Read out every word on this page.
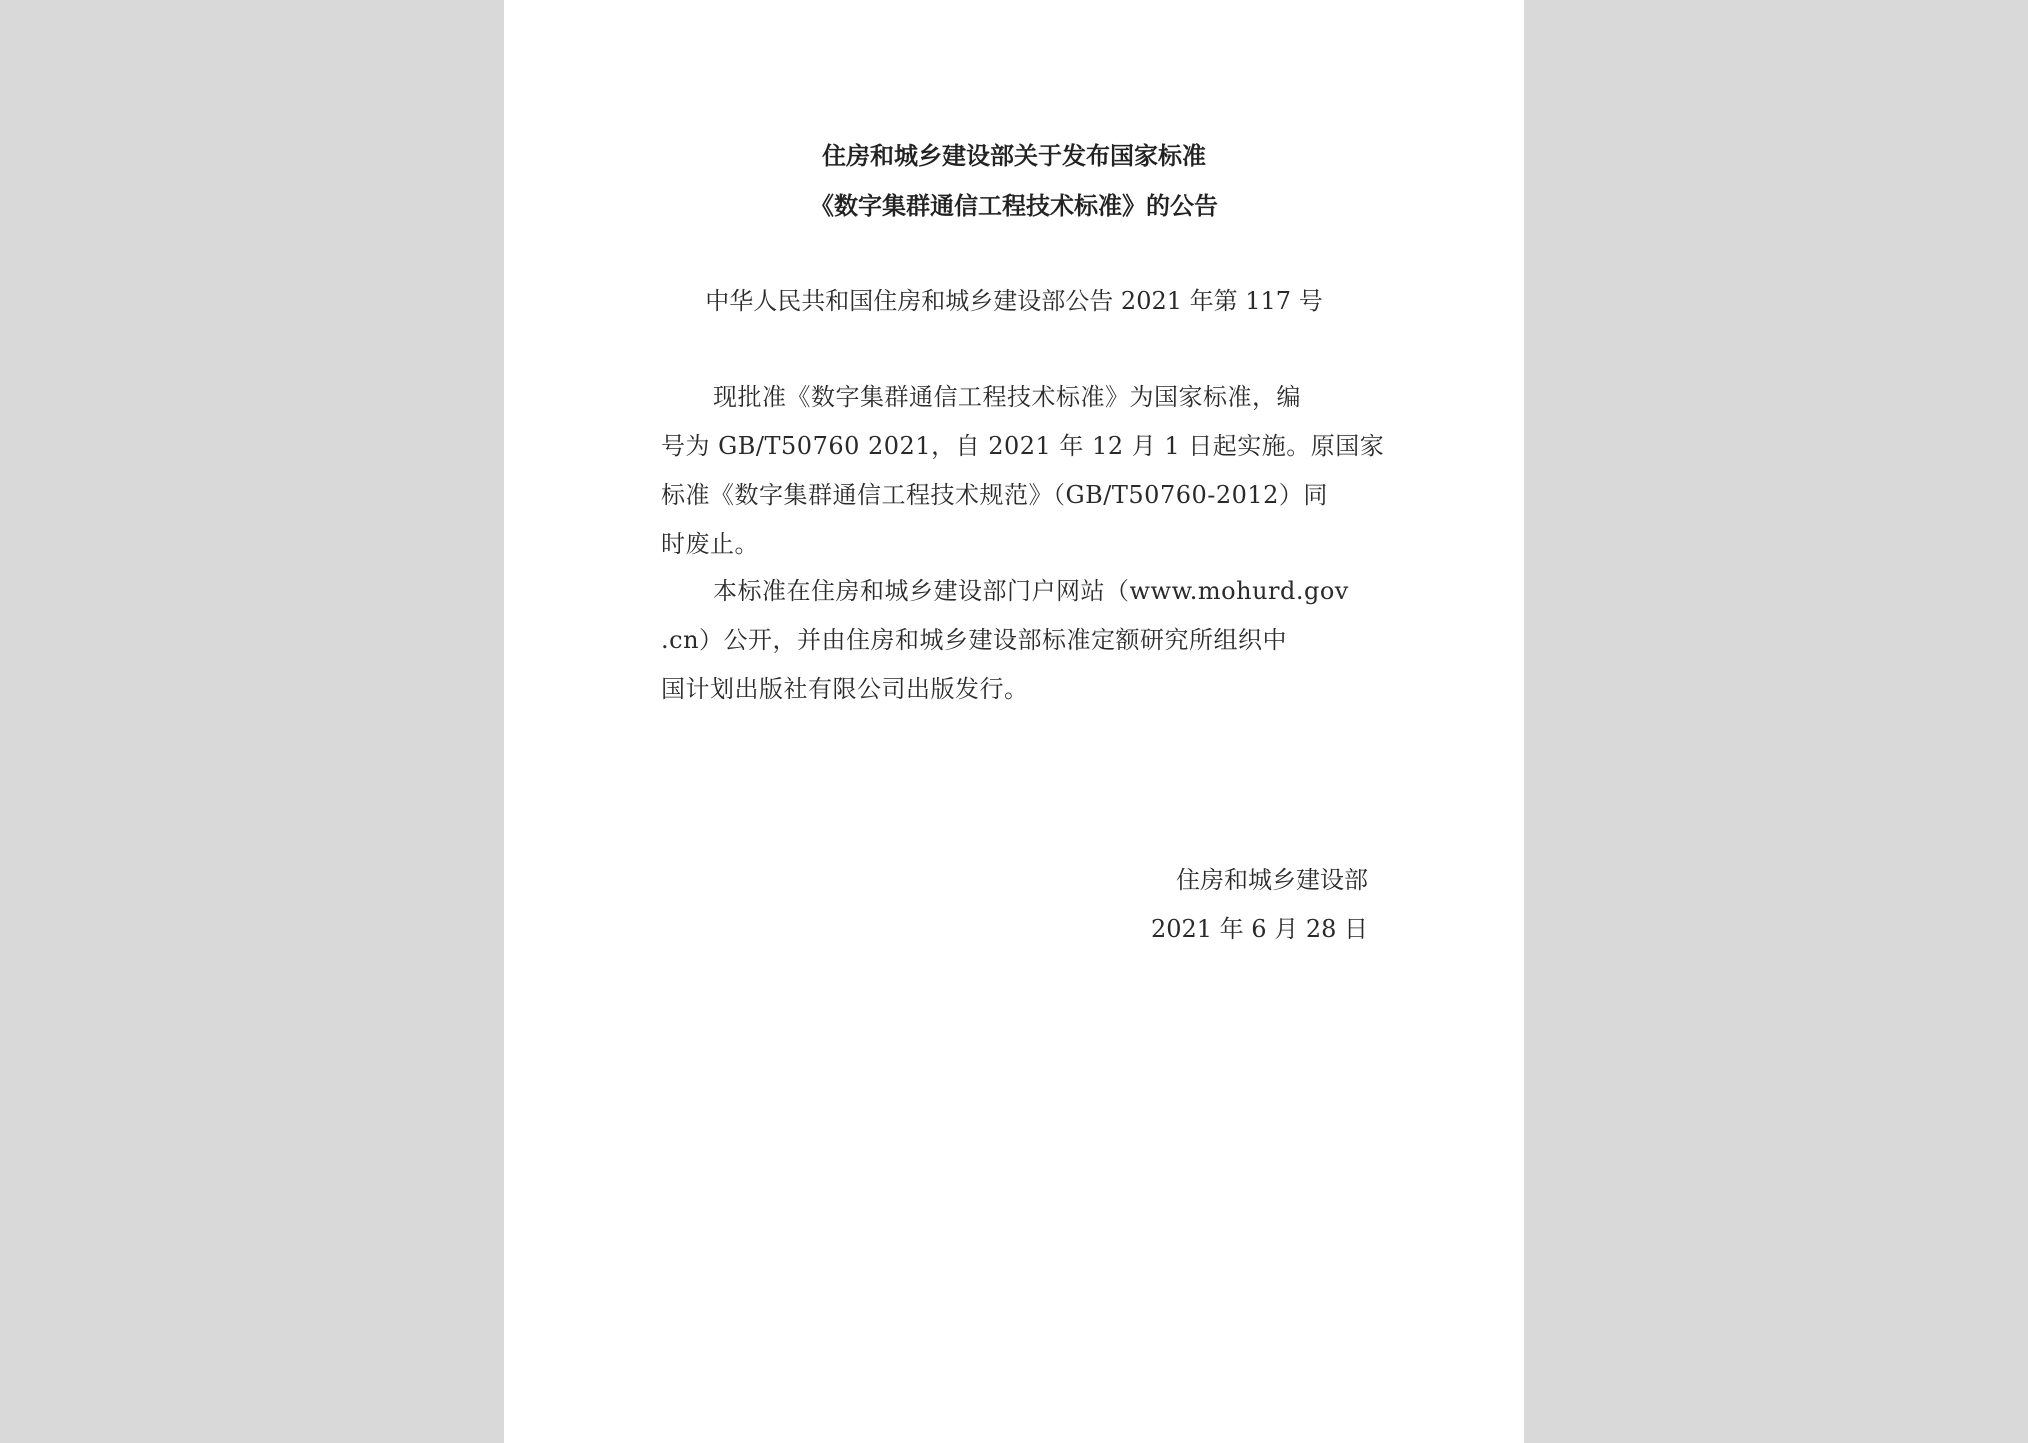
住房和城乡建设部关于发布国家标准
《数字集群通信工程技术标准》的公告
中华人民共和国住房和城乡建设部公告 2021 年第 117 号
现批准《数字集群通信工程技术标准》为国家标准，编
号为 GB/T50760 2021，自 2021 年 12 月 1 日起实施。原国家
标准《数字集群通信工程技术规范》（GB/T50760-2012）同
时废止。
本标准在住房和城乡建设部门户网站（www.mohurd.gov
.cn）公开，并由住房和城乡建设部标准定额研究所组织中
国计划出版社有限公司出版发行。
住房和城乡建设部
2021 年 6 月 28 日
